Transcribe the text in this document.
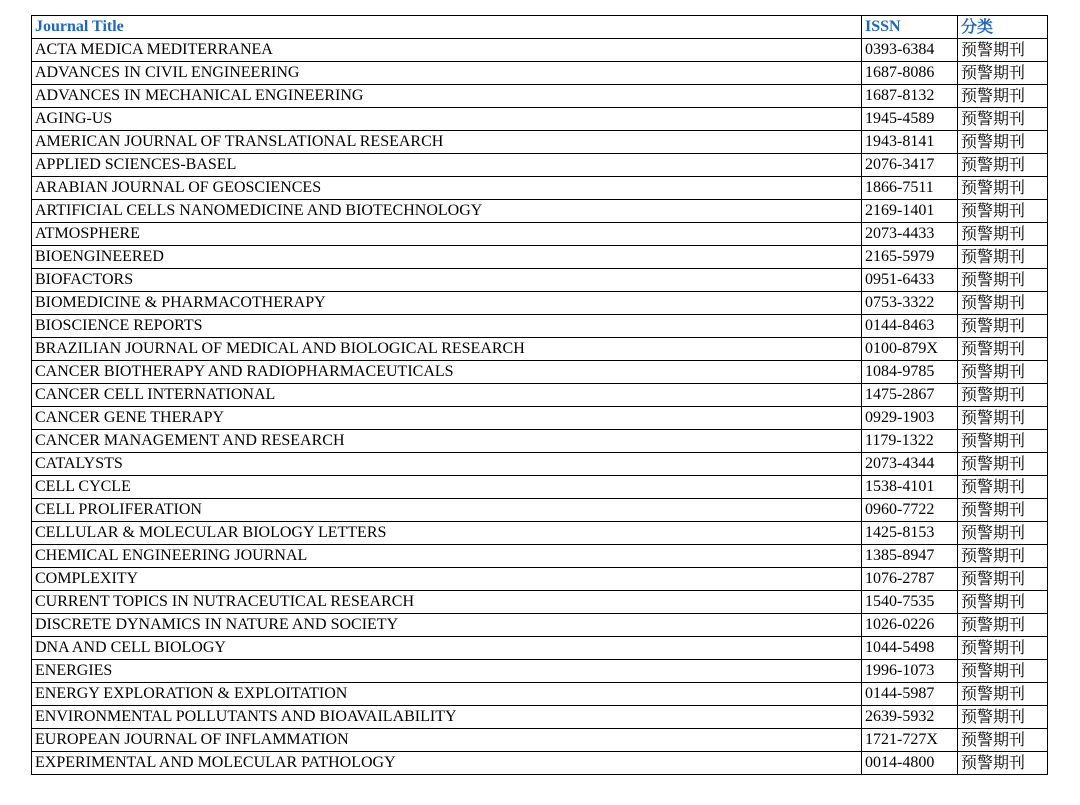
Journal Title	ISSN	分类
ACTA MEDICA MEDITERRANEA	0393-6384	预警期刊
ADVANCES IN CIVIL ENGINEERING	1687-8086	预警期刊
ADVANCES IN MECHANICAL ENGINEERING	1687-8132	预警期刊
AGING-US	1945-4589	预警期刊
AMERICAN JOURNAL OF TRANSLATIONAL RESEARCH	1943-8141	预警期刊
APPLIED SCIENCES-BASEL	2076-3417	预警期刊
ARABIAN JOURNAL OF GEOSCIENCES	1866-7511	预警期刊
ARTIFICIAL CELLS NANOMEDICINE AND BIOTECHNOLOGY	2169-1401	预警期刊
ATMOSPHERE	2073-4433	预警期刊
BIOENGINEERED	2165-5979	预警期刊
BIOFACTORS	0951-6433	预警期刊
BIOMEDICINE & PHARMACOTHERAPY	0753-3322	预警期刊
BIOSCIENCE REPORTS	0144-8463	预警期刊
BRAZILIAN JOURNAL OF MEDICAL AND BIOLOGICAL RESEARCH	0100-879X	预警期刊
CANCER BIOTHERAPY AND RADIOPHARMACEUTICALS	1084-9785	预警期刊
CANCER CELL INTERNATIONAL	1475-2867	预警期刊
CANCER GENE THERAPY	0929-1903	预警期刊
CANCER MANAGEMENT AND RESEARCH	1179-1322	预警期刊
CATALYSTS	2073-4344	预警期刊
CELL CYCLE	1538-4101	预警期刊
CELL PROLIFERATION	0960-7722	预警期刊
CELLULAR & MOLECULAR BIOLOGY LETTERS	1425-8153	预警期刊
CHEMICAL ENGINEERING JOURNAL	1385-8947	预警期刊
COMPLEXITY	1076-2787	预警期刊
CURRENT TOPICS IN NUTRACEUTICAL RESEARCH	1540-7535	预警期刊
DISCRETE DYNAMICS IN NATURE AND SOCIETY	1026-0226	预警期刊
DNA AND CELL BIOLOGY	1044-5498	预警期刊
ENERGIES	1996-1073	预警期刊
ENERGY EXPLORATION & EXPLOITATION	0144-5987	预警期刊
ENVIRONMENTAL POLLUTANTS AND BIOAVAILABILITY	2639-5932	预警期刊
EUROPEAN JOURNAL OF INFLAMMATION	1721-727X	预警期刊
EXPERIMENTAL AND MOLECULAR PATHOLOGY	0014-4800	预警期刊
